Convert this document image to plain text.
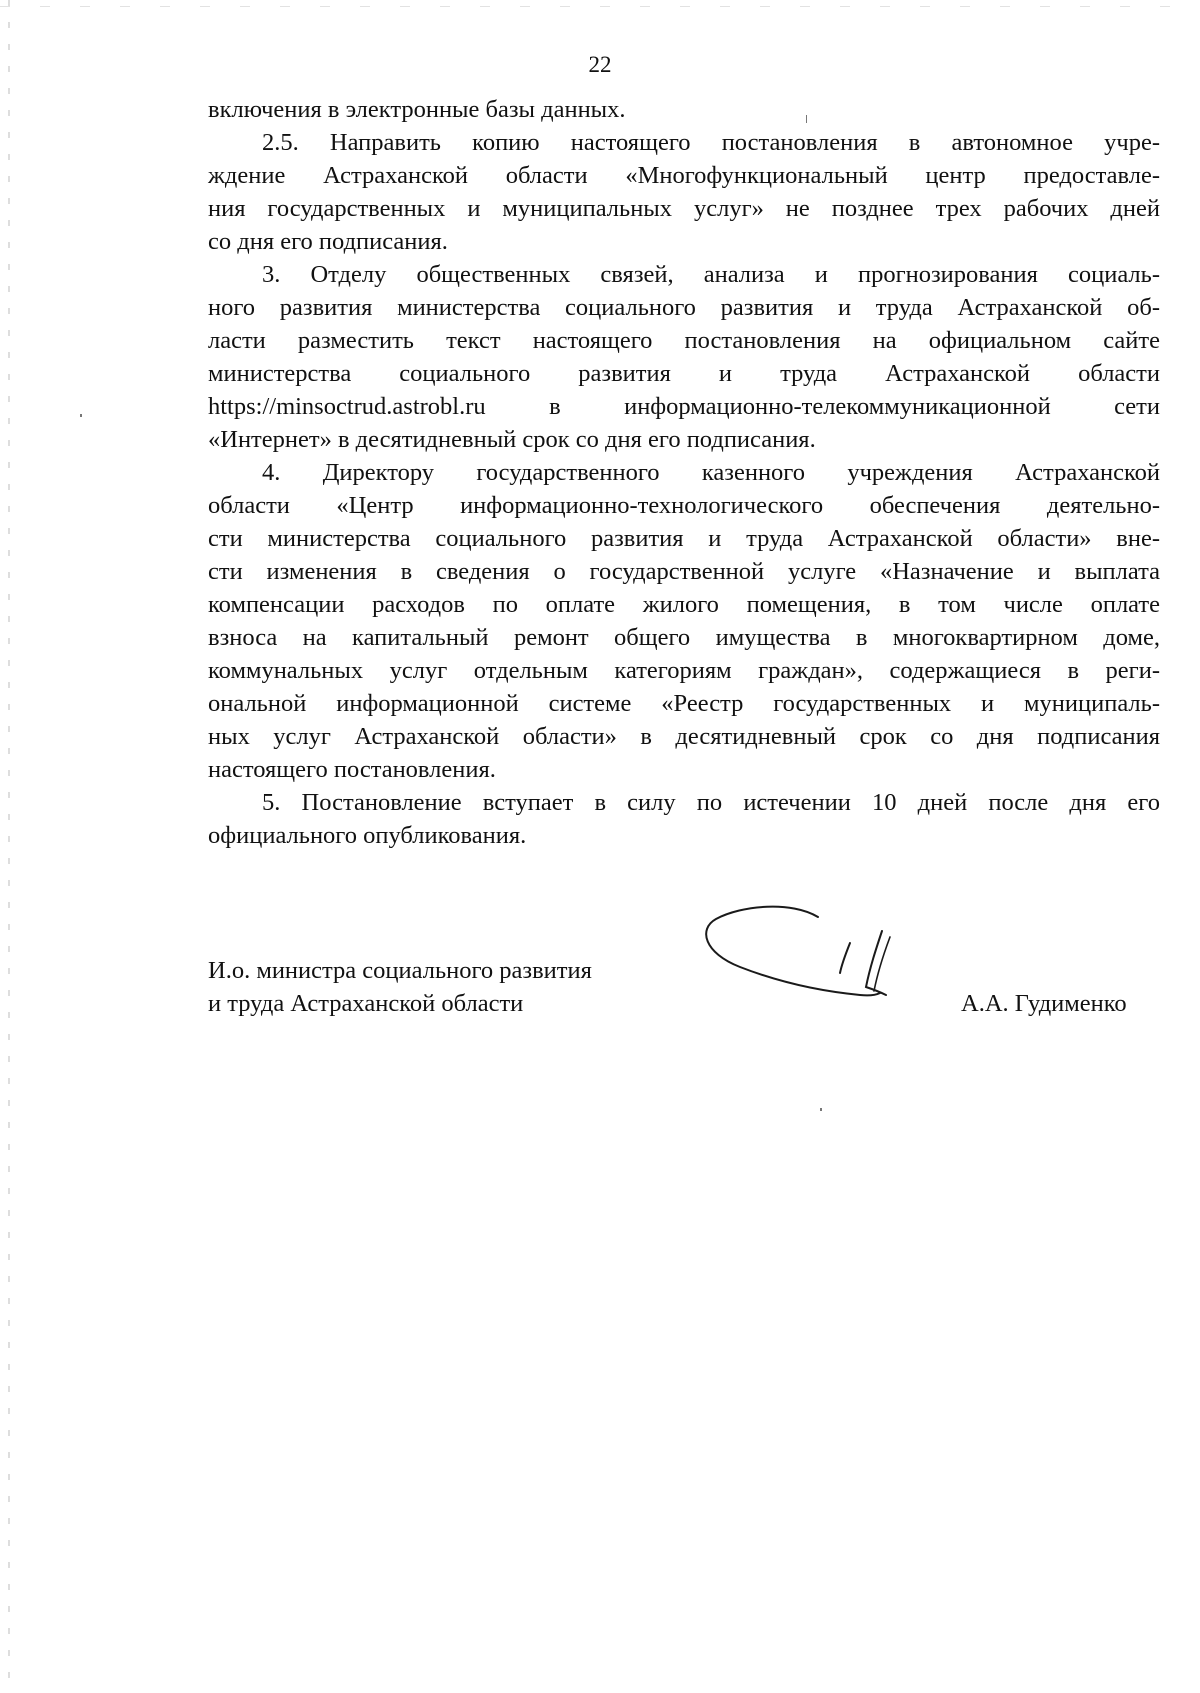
22

включения в электронные базы данных.

2.5. Направить копию настоящего постановления в автономное учре-
ждение Астраханской области «Многофункциональный центр предоставле-
ния государственных и муниципальных услуг» не позднее трех рабочих дней
со дня его подписания.

3. Отделу общественных связей, анализа и прогнозирования социаль-
ного развития министерства социального развития и труда Астраханской об-
ласти разместить текст настоящего постановления на официальном сайте
министерства социального развития и труда Астраханской области
https://minsoctrud.astrobl.ru в информационно-телекоммуникационной сети
«Интернет» в десятидневный срок со дня его подписания.

4. Директору государственного казенного учреждения Астраханской
области «Центр информационно-технологического обеспечения деятельно-
сти министерства социального развития и труда Астраханской области» вне-
сти изменения в сведения о государственной услуге «Назначение и выплата
компенсации расходов по оплате жилого помещения, в том числе оплате
взноса на капитальный ремонт общего имущества в многоквартирном доме,
коммунальных услуг отдельным категориям граждан», содержащиеся в реги-
ональной информационной системе «Реестр государственных и муниципаль-
ных услуг Астраханской области» в десятидневный срок со дня подписания
настоящего постановления.

5. Постановление вступает в силу по истечении 10 дней после дня его
официального опубликования.

И.о. министра социального развития
и труда Астраханской области	А.А. Гудименко
